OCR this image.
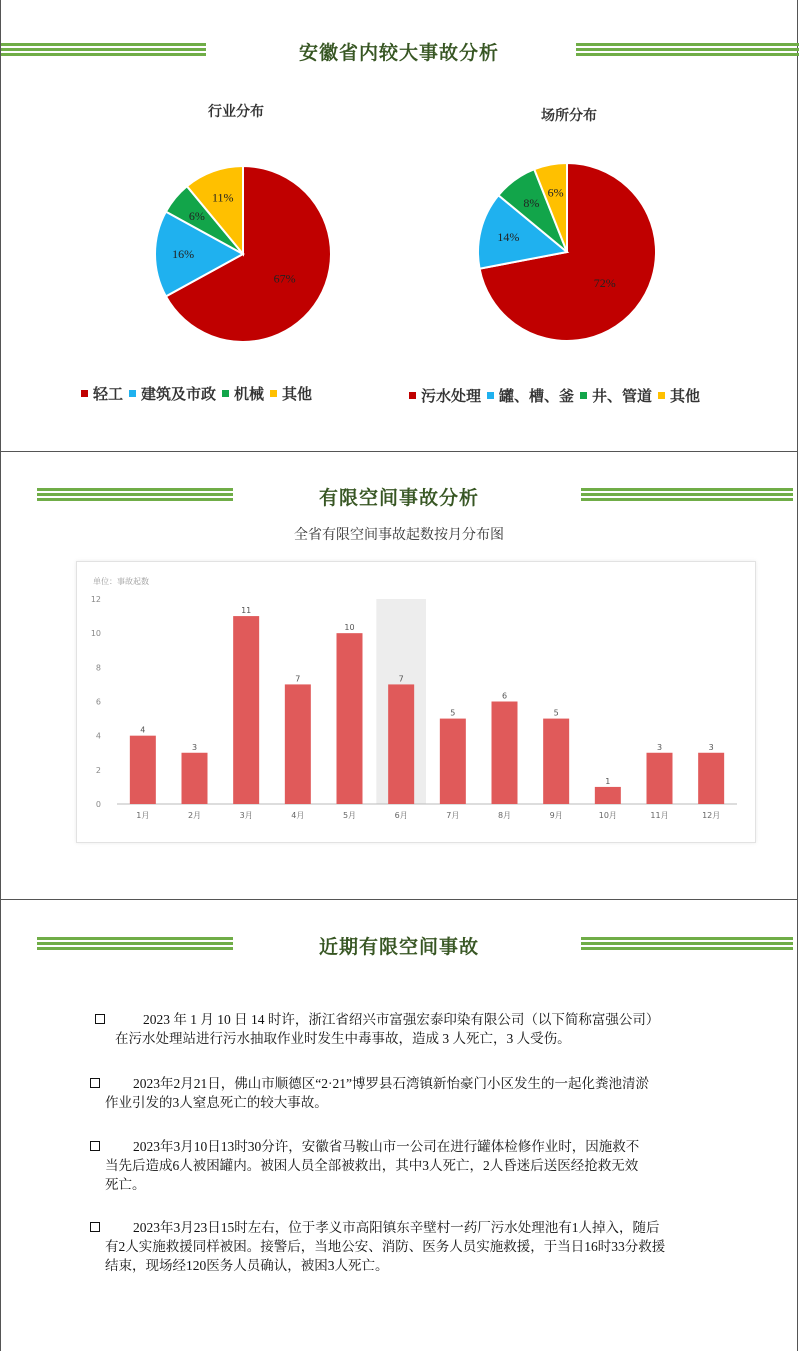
安徽省内较大事故分析
行业分布	场所分布
67%
16%
6%
11%
72%
14%
8%
6%
轻工 建筑及市政 机械 其他	污水处理 罐、槽、釜 井、管道 其他
有限空间事故分析
全省有限空间事故起数按月分布图
单位：事故起数
0
2
4
6
8
10
12
4
1月
3
2月
11
3月
7
4月
10
5月
7
6月
5
7月
6
8月
5
9月
1
10月
3
11月
3
12月
近期有限空间事故
2023 年 1 月 10 日 14 时许，浙江省绍兴市富强宏泰印染有限公司（以下简称富强公司）
在污水处理站进行污水抽取作业时发生中毒事故，造成 3 人死亡，3 人受伤。
2023年2月21日，佛山市顺德区“2·21”博罗县石湾镇新怡豪门小区发生的一起化粪池清淤
作业引发的3人窒息死亡的较大事故。
2023年3月10日13时30分许，安徽省马鞍山市一公司在进行罐体检修作业时，因施救不
当先后造成6人被困罐内。被困人员全部被救出，其中3人死亡，2人昏迷后送医经抢救无效
死亡。
2023年3月23日15时左右，位于孝义市高阳镇东辛壁村一药厂污水处理池有1人掉入，随后
有2人实施救援同样被困。接警后，当地公安、消防、医务人员实施救援，于当日16时33分救援
结束，现场经120医务人员确认，被困3人死亡。
